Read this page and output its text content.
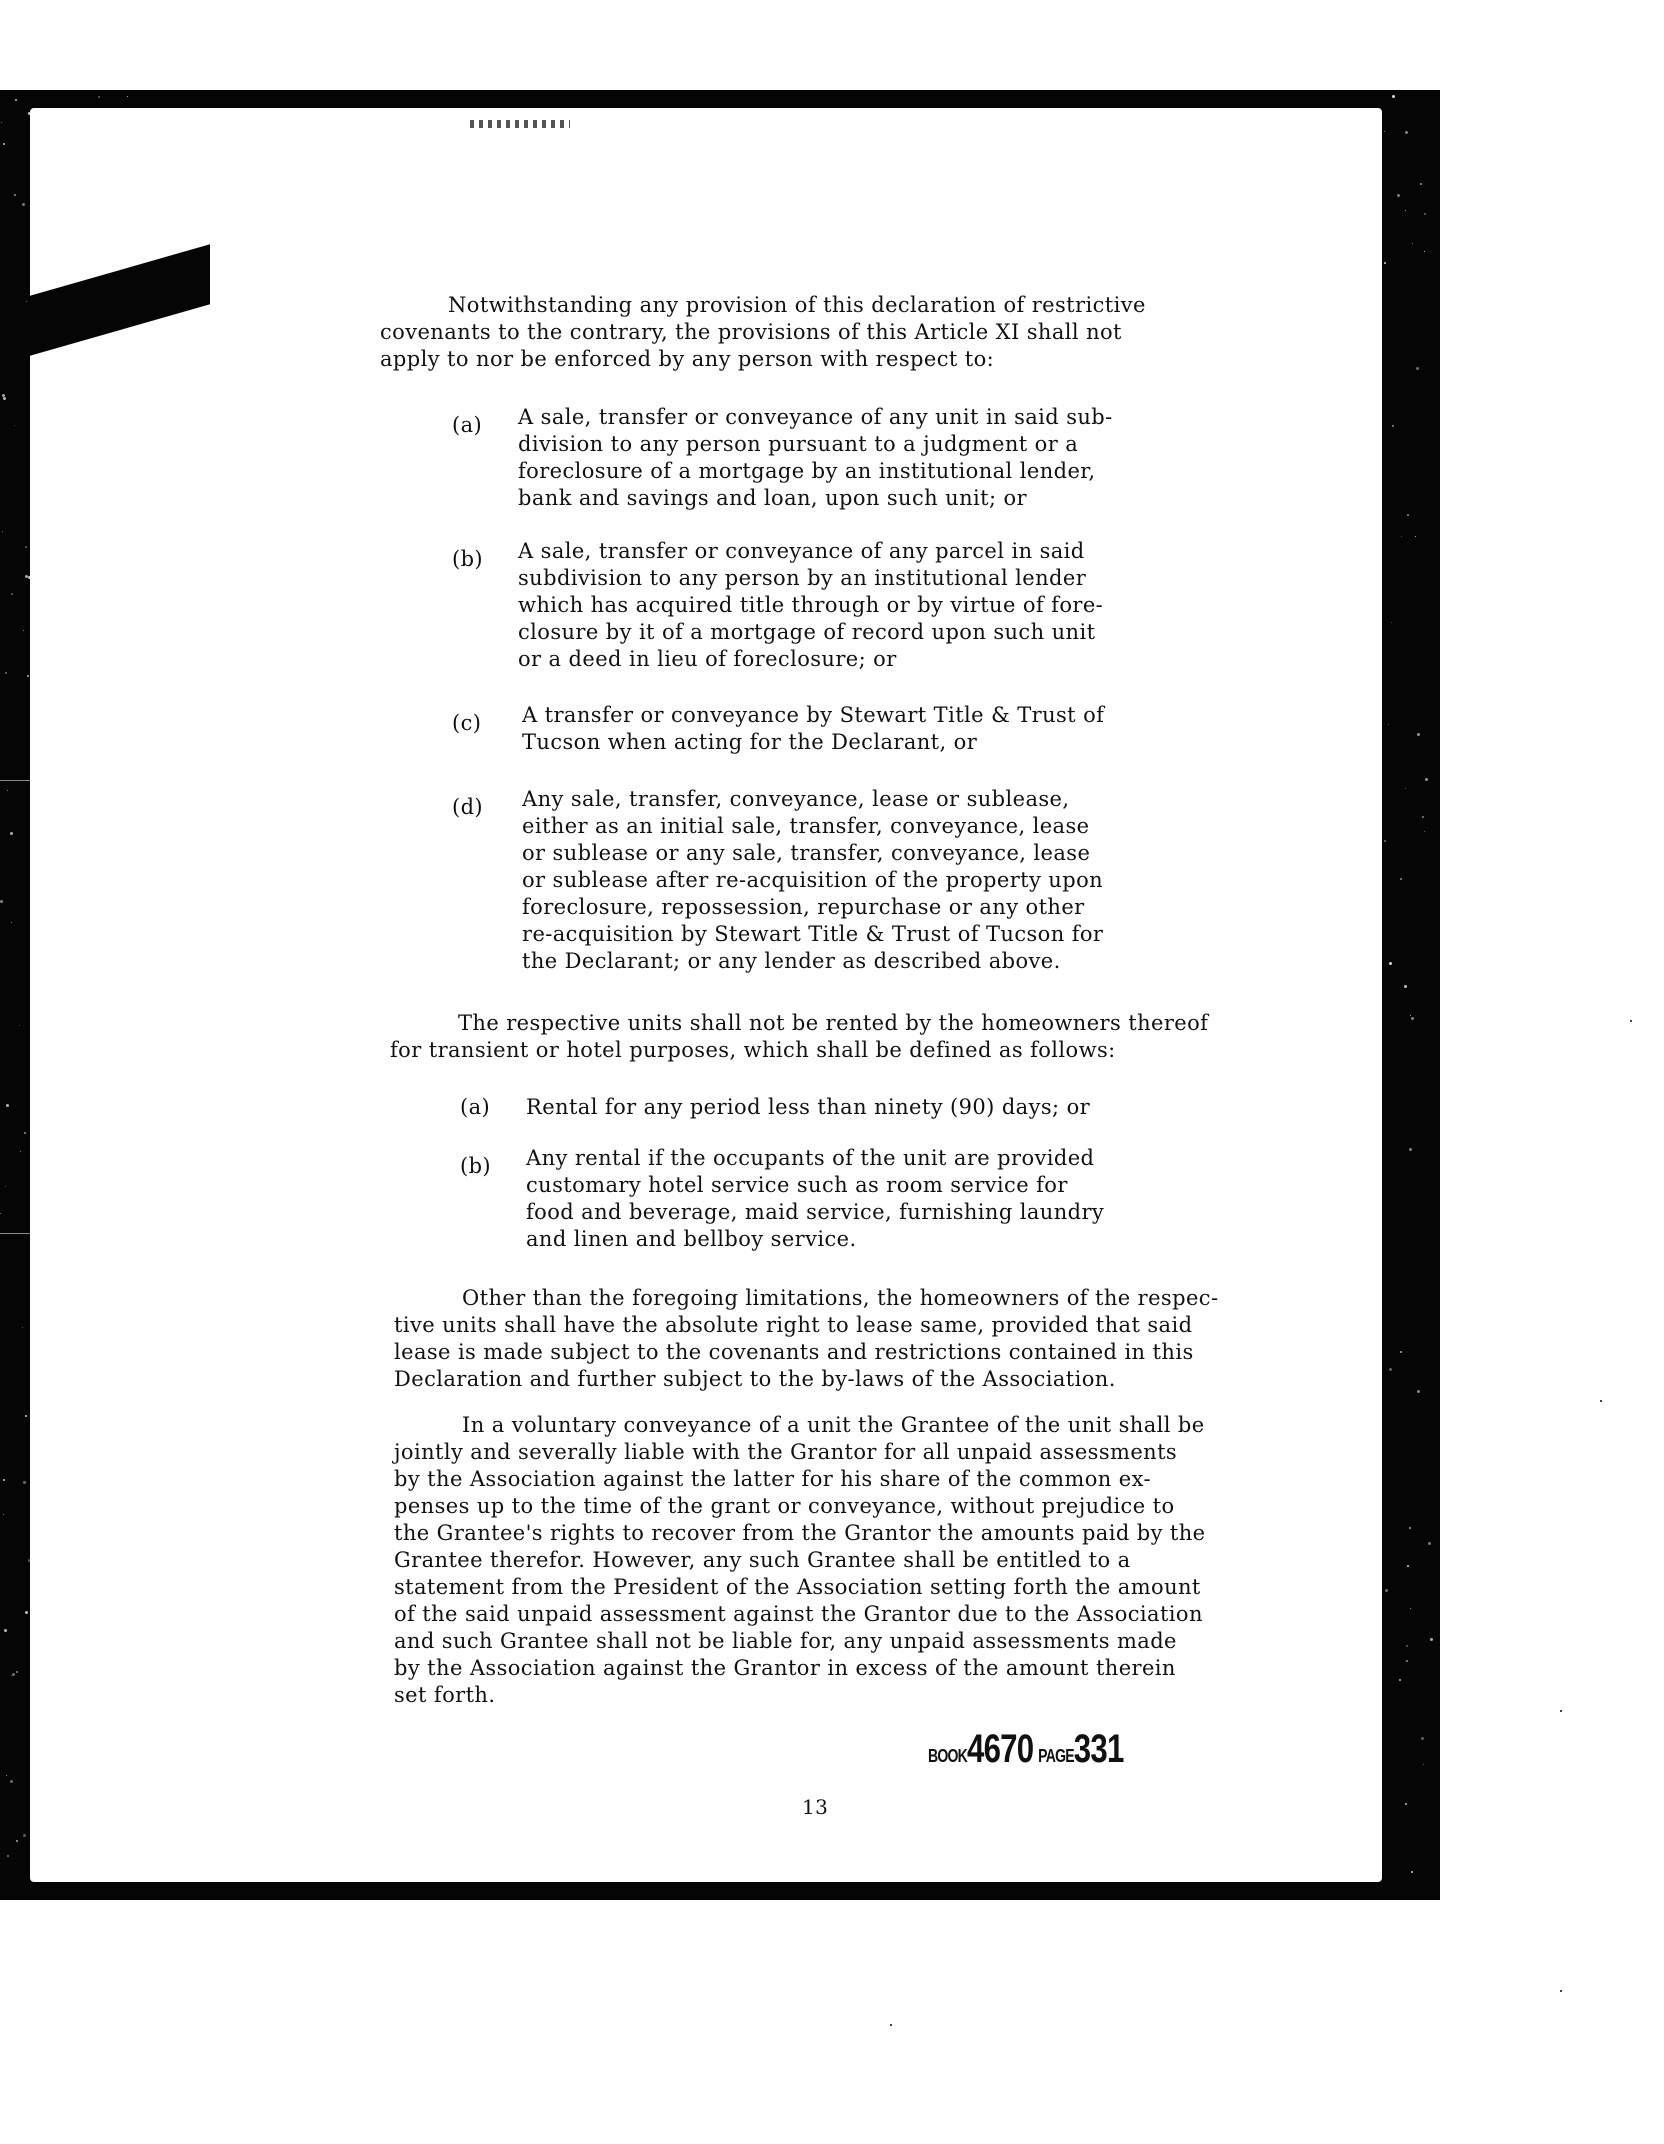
Notwithstanding any provision of this declaration of restrictive
covenants to the contrary, the provisions of this Article XI shall not
apply to nor be enforced by any person with respect to:
(a) A sale, transfer or conveyance of any unit in said sub-
division to any person pursuant to a judgment or a
foreclosure of a mortgage by an institutional lender,
bank and savings and loan, upon such unit; or
(b) A sale, transfer or conveyance of any parcel in said
subdivision to any person by an institutional lender
which has acquired title through or by virtue of fore-
closure by it of a mortgage of record upon such unit
or a deed in lieu of foreclosure; or
(c) A transfer or conveyance by Stewart Title & Trust of
Tucson when acting for the Declarant, or
(d) Any sale, transfer, conveyance, lease or sublease,
either as an initial sale, transfer, conveyance, lease
or sublease or any sale, transfer, conveyance, lease
or sublease after re-acquisition of the property upon
foreclosure, repossession, repurchase or any other
re-acquisition by Stewart Title & Trust of Tucson for
the Declarant; or any lender as described above.
The respective units shall not be rented by the homeowners thereof
for transient or hotel purposes, which shall be defined as follows:
(a) Rental for any period less than ninety (90) days; or
(b) Any rental if the occupants of the unit are provided
customary hotel service such as room service for
food and beverage, maid service, furnishing laundry
and linen and bellboy service.
Other than the foregoing limitations, the homeowners of the respec-
tive units shall have the absolute right to lease same, provided that said
lease is made subject to the covenants and restrictions contained in this
Declaration and further subject to the by-laws of the Association.
In a voluntary conveyance of a unit the Grantee of the unit shall be
jointly and severally liable with the Grantor for all unpaid assessments
by the Association against the latter for his share of the common ex-
penses up to the time of the grant or conveyance, without prejudice to
the Grantee's rights to recover from the Grantor the amounts paid by the
Grantee therefor. However, any such Grantee shall be entitled to a
statement from the President of the Association setting forth the amount
of the said unpaid assessment against the Grantor due to the Association
and such Grantee shall not be liable for, any unpaid assessments made
by the Association against the Grantor in excess of the amount therein
set forth.
BOOK4670 PAGE331
13
